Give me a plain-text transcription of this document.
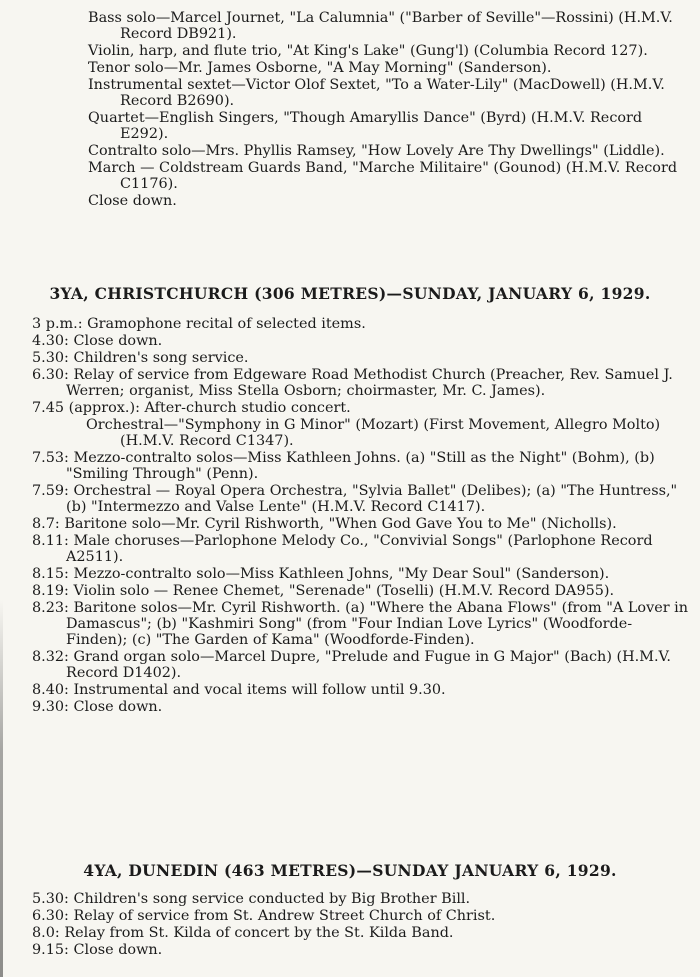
Bass solo—Marcel Journet, "La Calumnia" ("Barber of Seville"—Rossini) (H.M.V. Record DB921).
Violin, harp, and flute trio, "At King's Lake" (Gung'l) (Columbia Record 127).
Tenor solo—Mr. James Osborne, "A May Morning" (Sanderson).
Instrumental sextet—Victor Olof Sextet, "To a Water-Lily" (MacDowell) (H.M.V. Record B2690).
Quartet—English Singers, "Though Amaryllis Dance" (Byrd) (H.M.V. Record E292).
Contralto solo—Mrs. Phyllis Ramsey, "How Lovely Are Thy Dwellings" (Liddle).
March — Coldstream Guards Band, "Marche Militaire" (Gounod) (H.M.V. Record C1176).
Close down.
3YA, CHRISTCHURCH (306 METRES)—SUNDAY, JANUARY 6, 1929.
3 p.m.: Gramophone recital of selected items.
4.30: Close down.
5.30: Children's song service.
6.30: Relay of service from Edgeware Road Methodist Church (Preacher, Rev. Samuel J. Werren; organist, Miss Stella Osborn; choirmaster, Mr. C. James).
7.45 (approx.): After-church studio concert.
Orchestral—"Symphony in G Minor" (Mozart) (First Movement, Allegro Molto) (H.M.V. Record C1347).
7.53: Mezzo-contralto solos—Miss Kathleen Johns. (a) "Still as the Night" (Bohm), (b) "Smiling Through" (Penn).
7.59: Orchestral — Royal Opera Orchestra, "Sylvia Ballet" (Delibes); (a) "The Huntress," (b) "Intermezzo and Valse Lente" (H.M.V. Record C1417).
8.7: Baritone solo—Mr. Cyril Rishworth, "When God Gave You to Me" (Nicholls).
8.11: Male choruses—Parlophone Melody Co., "Convivial Songs" (Parlophone Record A2511).
8.15: Mezzo-contralto solo—Miss Kathleen Johns, "My Dear Soul" (Sanderson).
8.19: Violin solo — Renee Chemet, "Serenade" (Toselli) (H.M.V. Record DA955).
8.23: Baritone solos—Mr. Cyril Rishworth. (a) "Where the Abana Flows" (from "A Lover in Damascus"; (b) "Kashmiri Song" (from "Four Indian Love Lyrics" (Woodforde-Finden); (c) "The Garden of Kama" (Woodforde-Finden).
8.32: Grand organ solo—Marcel Dupre, "Prelude and Fugue in G Major" (Bach) (H.M.V. Record D1402).
8.40: Instrumental and vocal items will follow until 9.30.
9.30: Close down.
4YA, DUNEDIN (463 METRES)—SUNDAY JANUARY 6, 1929.
5.30: Children's song service conducted by Big Brother Bill.
6.30: Relay of service from St. Andrew Street Church of Christ.
8.0: Relay from St. Kilda of concert by the St. Kilda Band.
9.15: Close down.
